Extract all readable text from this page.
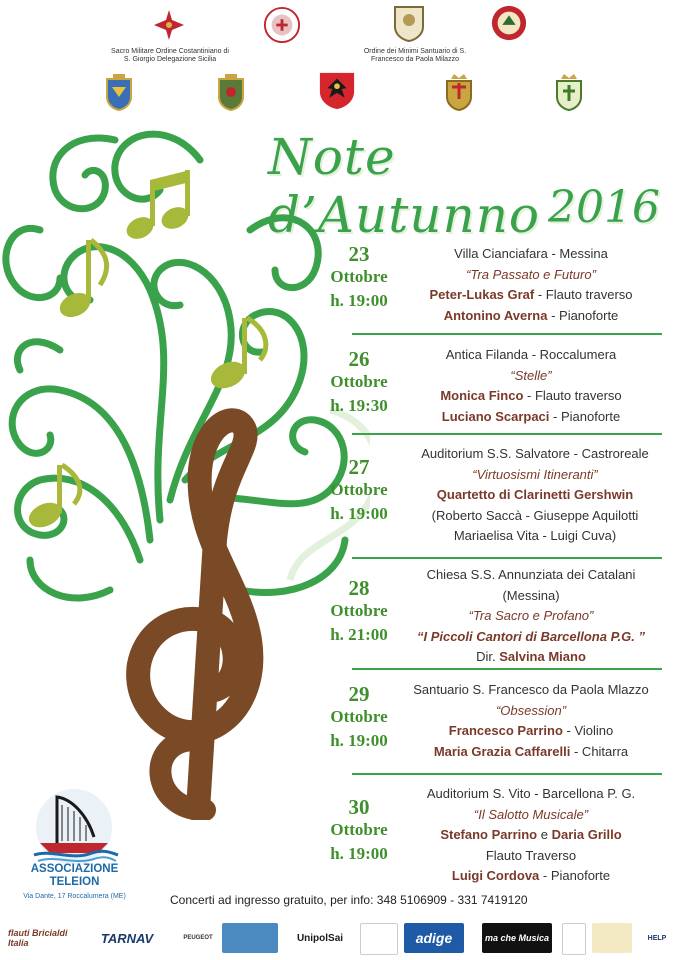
Sacro Militare Ordine Costantiniano di S. Giorgio Delegazione Sicilia
Ordine dei Minimi Santuario di S. Francesco da Paola Milazzo
Note d’Autunno 2016
23
Ottobre
h. 19:00
Villa Cianciafara - Messina
“Tra Passato e Futuro”
Peter-Lukas Graf - Flauto traverso
Antonino Averna - Pianoforte
26
Ottobre
h. 19:30
Antica Filanda - Roccalumera
“Stelle”
Monica Finco - Flauto traverso
Luciano Scarpaci - Pianoforte
27
Ottobre
h. 19:00
Auditorium S.S. Salvatore - Castroreale
“Virtuosismi Itineranti”
Quartetto di Clarinetti Gershwin
(Roberto Saccà - Giuseppe Aquilotti
Mariaelisa Vita - Luigi Cuva)
28
Ottobre
h. 21:00
Chiesa S.S. Annunziata dei Catalani
(Messina)
“Tra Sacro e Profano”
“I Piccoli Cantori di Barcellona P.G. ”
Dir. Salvina Miano
29
Ottobre
h. 19:00
Santuario S. Francesco da Paola Mlazzo
“Obsession”
Francesco Parrino - Violino
Maria Grazia Caffarelli - Chitarra
30
Ottobre
h. 19:00
Auditorium S. Vito - Barcellona P. G.
“Il Salotto Musicale”
Stefano Parrino e Daria Grillo
Flauto Traverso
Luigi Cordova - Pianoforte
ASSOCIAZIONE
TELEION
Via Dante, 17 Roccalumera (ME)	Concerti ad ingresso gratuito, per info: 348 5106909 - 331 7419120
flauti Bricialdi Italia	TARNAV	PEUGEOT	UnipolSai	adige	ma che Musica	HELP
